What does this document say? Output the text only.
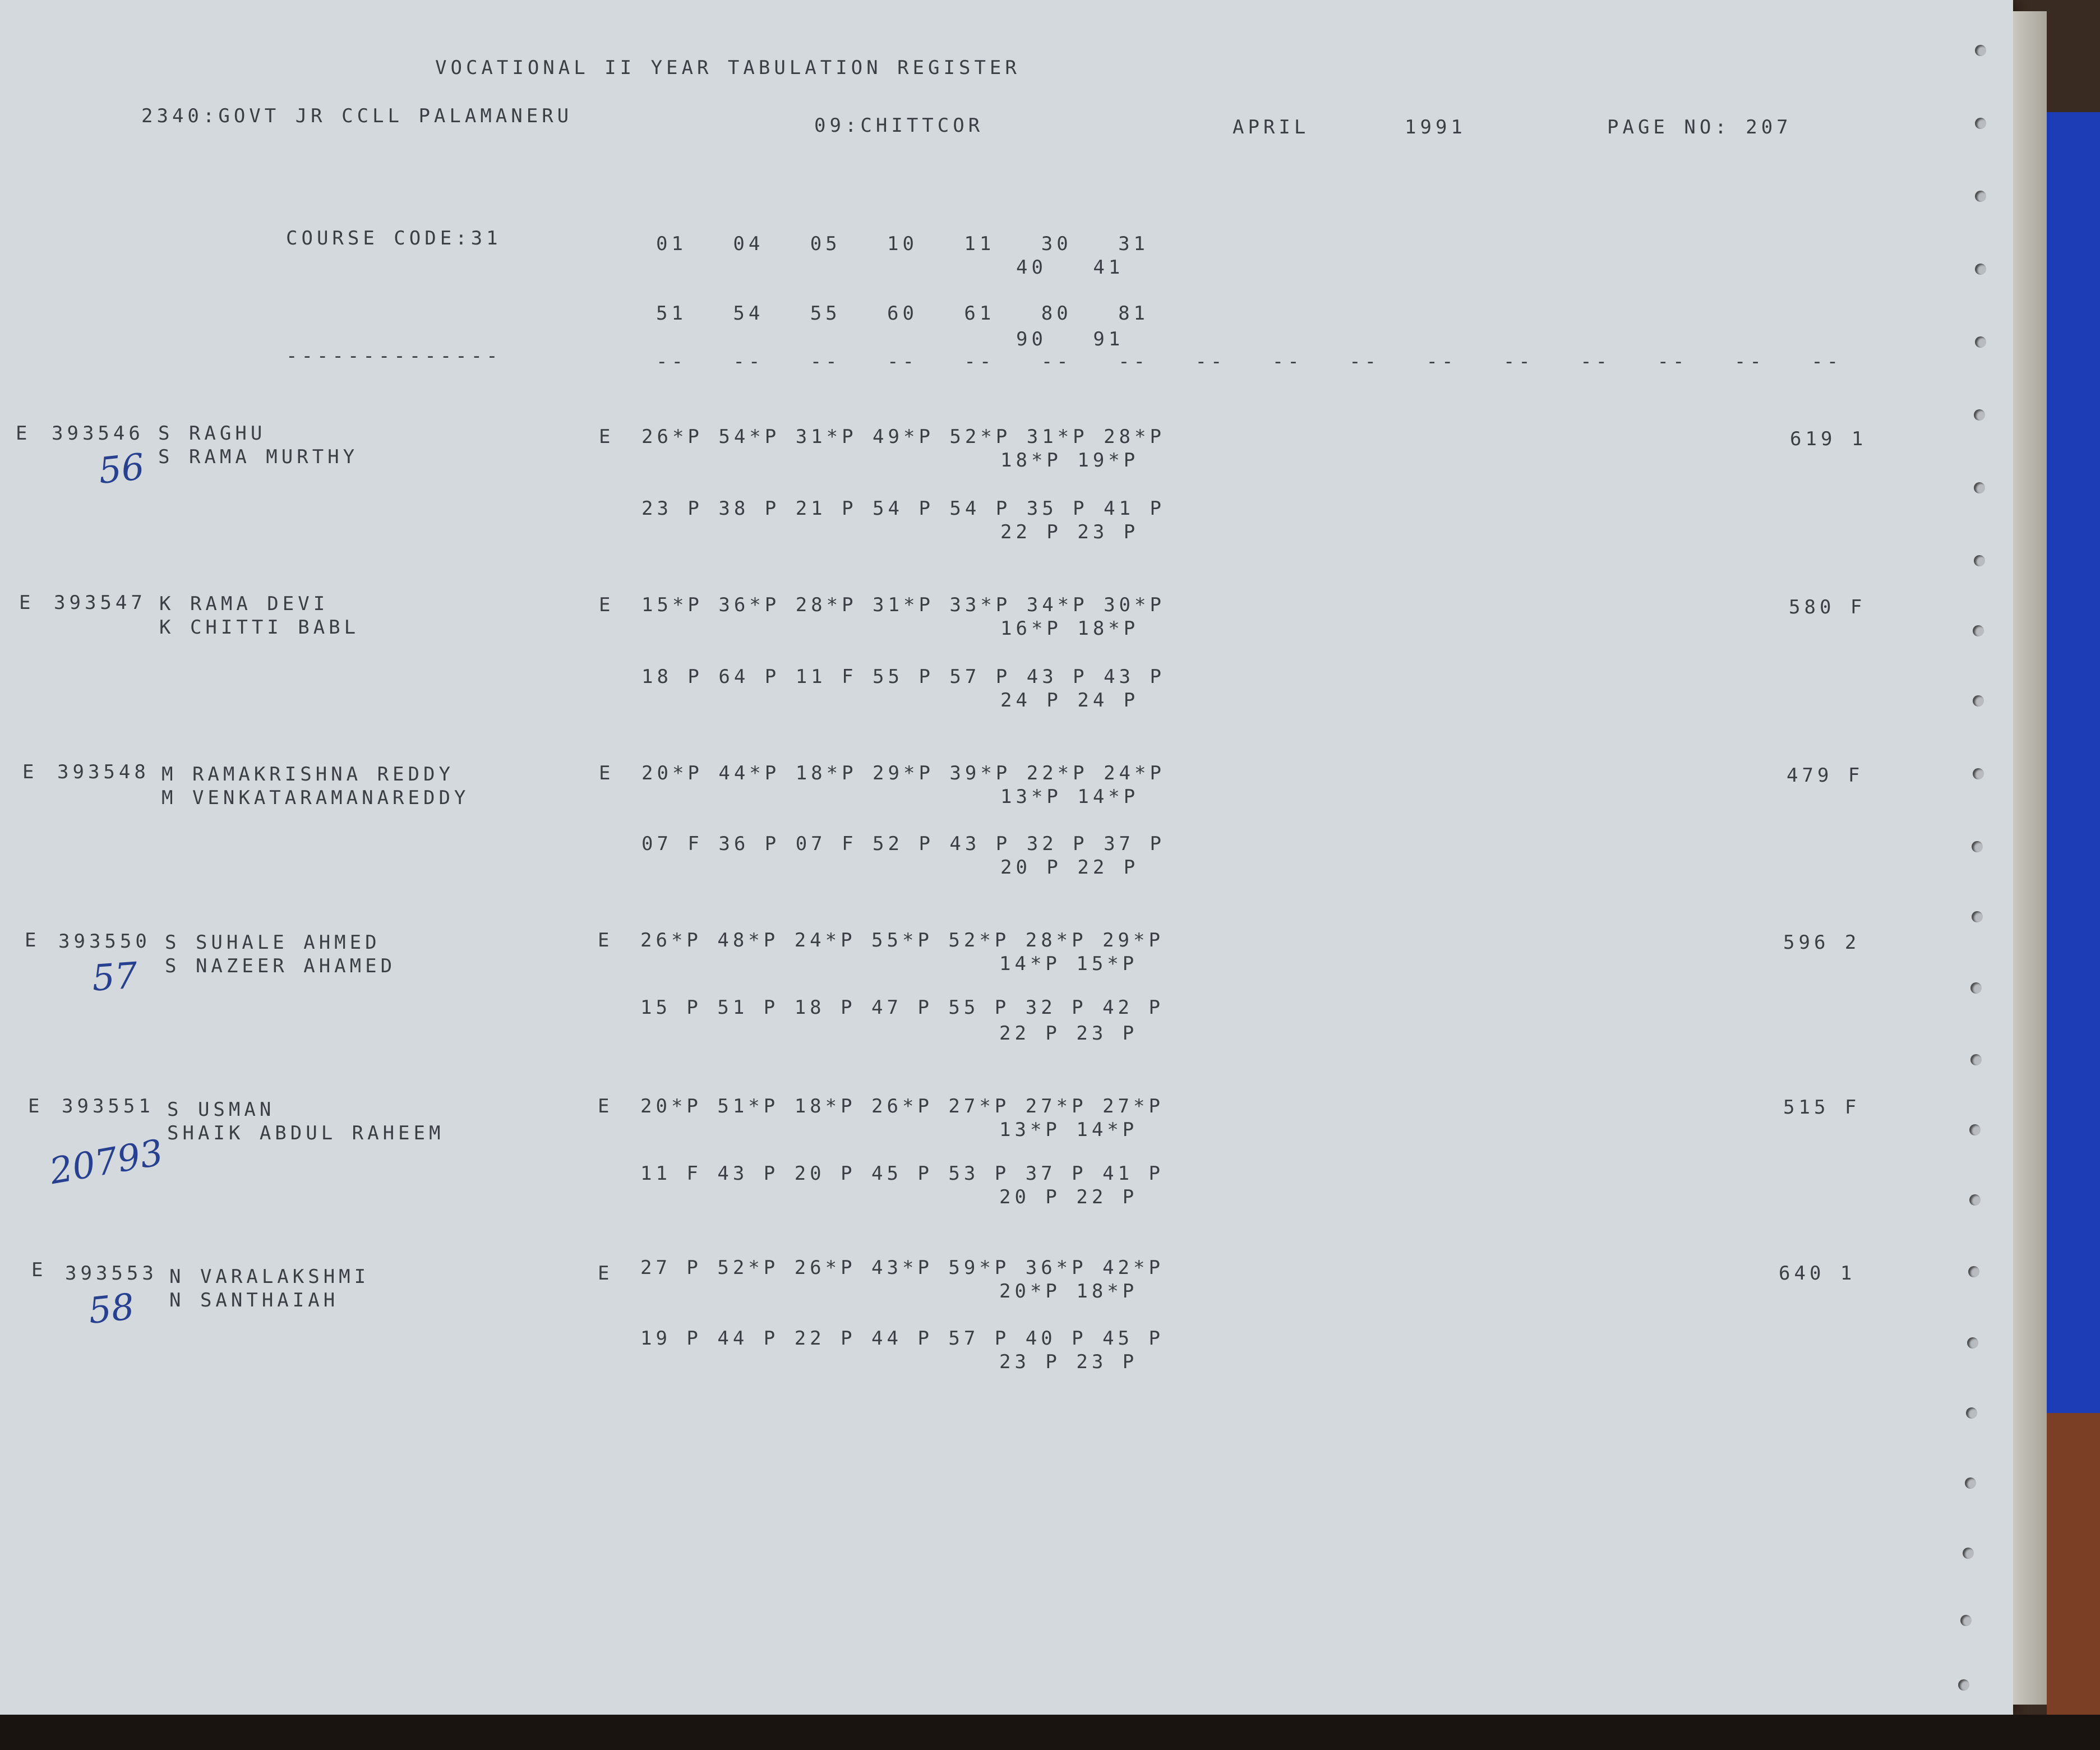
VOCATIONAL II YEAR TABULATION REGISTER
2340:GOVT JR CCLL PALAMANERU	09:CHITTCOR	APRIL	1991	PAGE NO: 207
COURSE CODE:31	01   04   05   10   11   30   31
40   41
51   54   55   60   61   80   81
90   91
--------------	--   --   --   --   --   --   --   --   --   --   --   --   --   --   --   --
E 393546 S RAGHU
S RAMA MURTHY
E 26*P 54*P 31*P 49*P 52*P 31*P 28*P
18*P 19*P
23 P 38 P 21 P 54 P 54 P 35 P 41 P
22 P 23 P
619 1
56
E 393547 K RAMA DEVI
K CHITTI BABL
E 15*P 36*P 28*P 31*P 33*P 34*P 30*P
16*P 18*P
18 P 64 P 11 F 55 P 57 P 43 P 43 P
24 P 24 P
580 F
E 393548 M RAMAKRISHNA REDDY
M VENKATARAMANAREDDY
E 20*P 44*P 18*P 29*P 39*P 22*P 24*P
13*P 14*P
07 F 36 P 07 F 52 P 43 P 32 P 37 P
20 P 22 P
479 F
E 393550 S SUHALE AHMED
S NAZEER AHAMED
E 26*P 48*P 24*P 55*P 52*P 28*P 29*P
14*P 15*P
15 P 51 P 18 P 47 P 55 P 32 P 42 P
22 P 23 P
596 2
57
E 393551 S USMAN
SHAIK ABDUL RAHEEM
E 20*P 51*P 18*P 26*P 27*P 27*P 27*P
13*P 14*P
11 F 43 P 20 P 45 P 53 P 37 P 41 P
20 P 22 P
515 F
20793
E 393553 N VARALAKSHMI
N SANTHAIAH
E 27 P 52*P 26*P 43*P 59*P 36*P 42*P
20*P 18*P
19 P 44 P 22 P 44 P 57 P 40 P 45 P
23 P 23 P
640 1
58
